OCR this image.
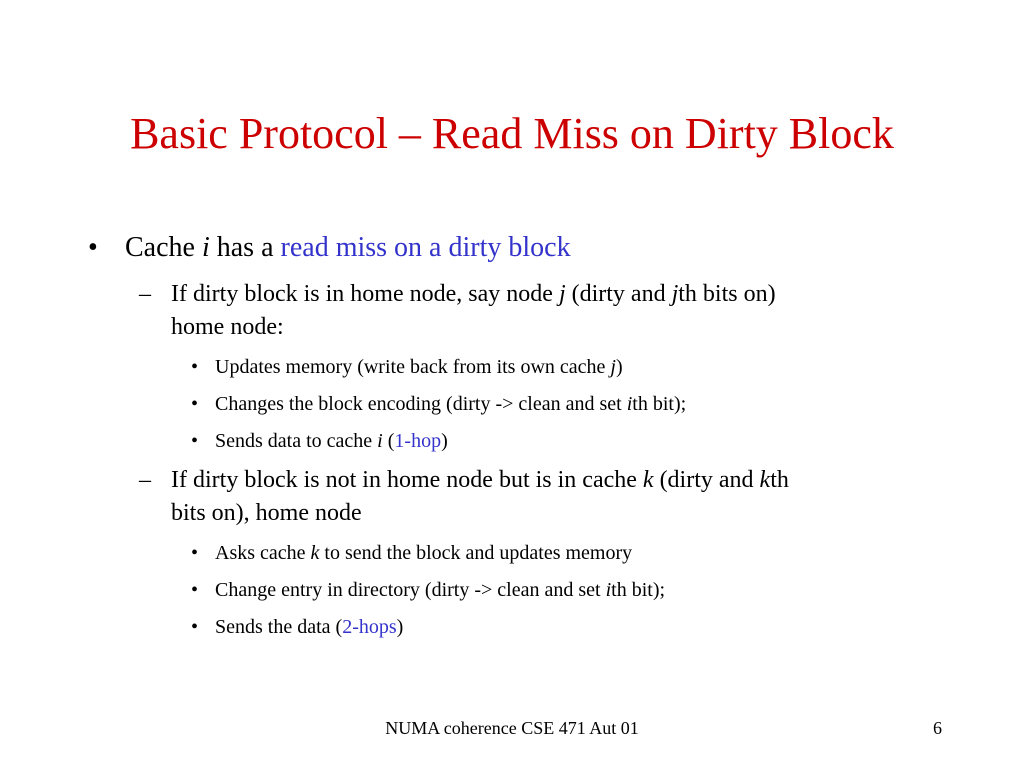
Basic Protocol – Read Miss on Dirty Block
• Cache i has a read miss on a dirty block
– If dirty block is in home node, say node j (dirty and jth bits on)
home node:
• Updates memory (write back from its own cache j)
• Changes the block encoding (dirty -> clean and set ith bit);
• Sends data to cache i (1-hop)
– If dirty block is not in home node but is in cache k (dirty and kth
bits on), home node
• Asks cache k to send the block and updates memory
• Change entry in directory (dirty -> clean and set ith bit);
• Sends the data (2-hops)
NUMA coherence CSE 471 Aut 01	6
